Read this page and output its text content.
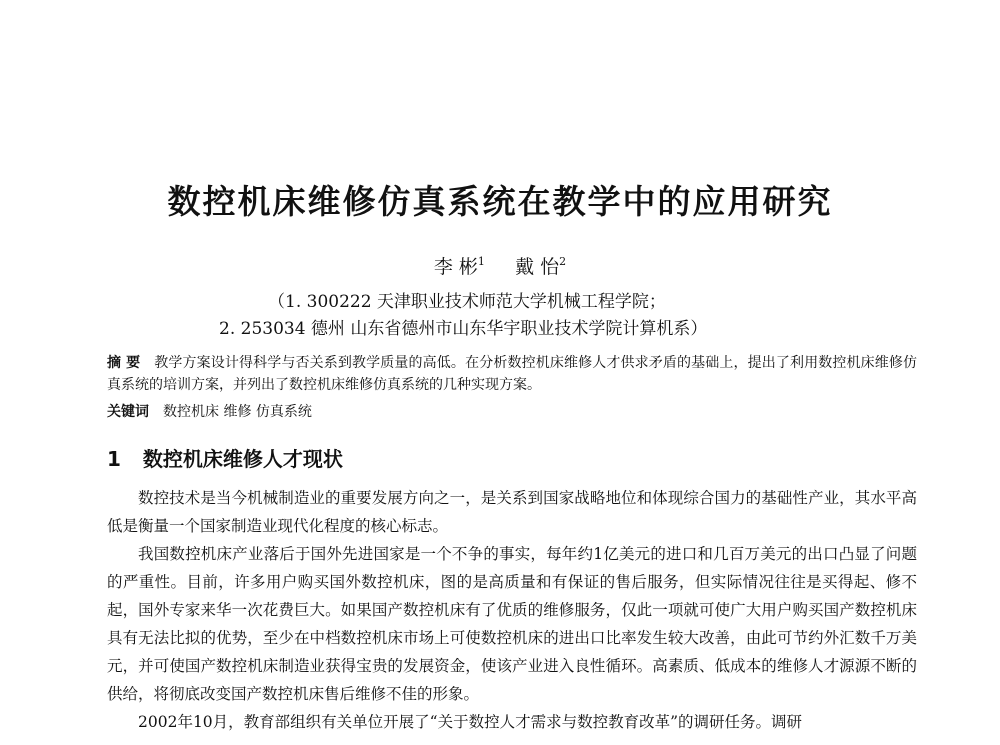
数控机床维修仿真系统在教学中的应用研究
李 彬$^1$ 戴 怡$^2$
（1. 300222 天津职业技术师范大学机械工程学院；
2. 253034 德州 山东省德州市山东华宇职业技术学院计算机系）
摘 要 教学方案设计得科学与否关系到教学质量的高低。在分析数控机床维修人才供求矛盾的基础上，提出了利用数控机床维修仿真系统的培训方案，并列出了数控机床维修仿真系统的几种实现方案。
关键词 数控机床 维修 仿真系统
1 数控机床维修人才现状

数控技术是当今机械制造业的重要发展方向之一，是关系到国家战略地位和体现综合国力的基础性产业，其水平高低是衡量一个国家制造业现代化程度的核心标志。

我国数控机床产业落后于国外先进国家是一个不争的事实，每年约1亿美元的进口和几百万美元的出口凸显了问题的严重性。目前，许多用户购买国外数控机床，图的是高质量和有保证的售后服务，但实际情况往往是买得起、修不起，国外专家来华一次花费巨大。如果国产数控机床有了优质的维修服务，仅此一项就可使广大用户购买国产数控机床具有无法比拟的优势，至少在中档数控机床市场上可使数控机床的进出口比率发生较大改善，由此可节约外汇数千万美元，并可使国产数控机床制造业获得宝贵的发展资金，使该产业进入良性循环。高素质、低成本的维修人才源源不断的供给，将彻底改变国产数控机床售后维修不佳的形象。

2002年10月，教育部组织有关单位开展了“关于数控人才需求与数控教育改革”的调研任务。调研
